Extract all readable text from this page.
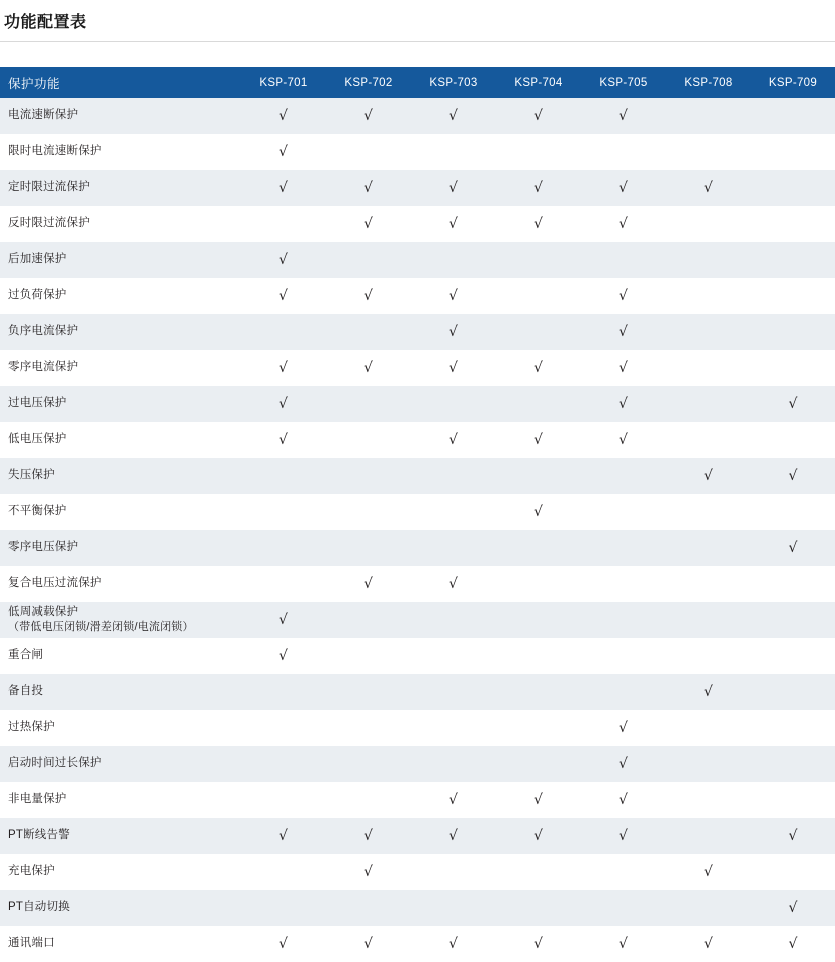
功能配置表
保护功能	KSP-701	KSP-702	KSP-703	KSP-704	KSP-705	KSP-708	KSP-709
电流速断保护	√	√	√	√	√		
限时电流速断保护	√						
定时限过流保护	√	√	√	√	√	√	
反时限过流保护		√	√	√	√		
后加速保护	√						
过负荷保护	√	√	√		√		
负序电流保护			√		√		
零序电流保护	√	√	√	√	√		
过电压保护	√				√		√
低电压保护	√		√	√	√		
失压保护						√	√
不平衡保护				√			
零序电压保护							√
复合电压过流保护		√	√				
低周减载保护
（带低电压闭锁/滑差闭锁/电流闭锁）	√						
重合闸	√						
备自投						√	
过热保护					√		
启动时间过长保护					√		
非电量保护			√	√	√		
PT断线告警	√	√	√	√	√		√
充电保护		√				√	
PT自动切换							√
通讯端口	√	√	√	√	√	√	√
